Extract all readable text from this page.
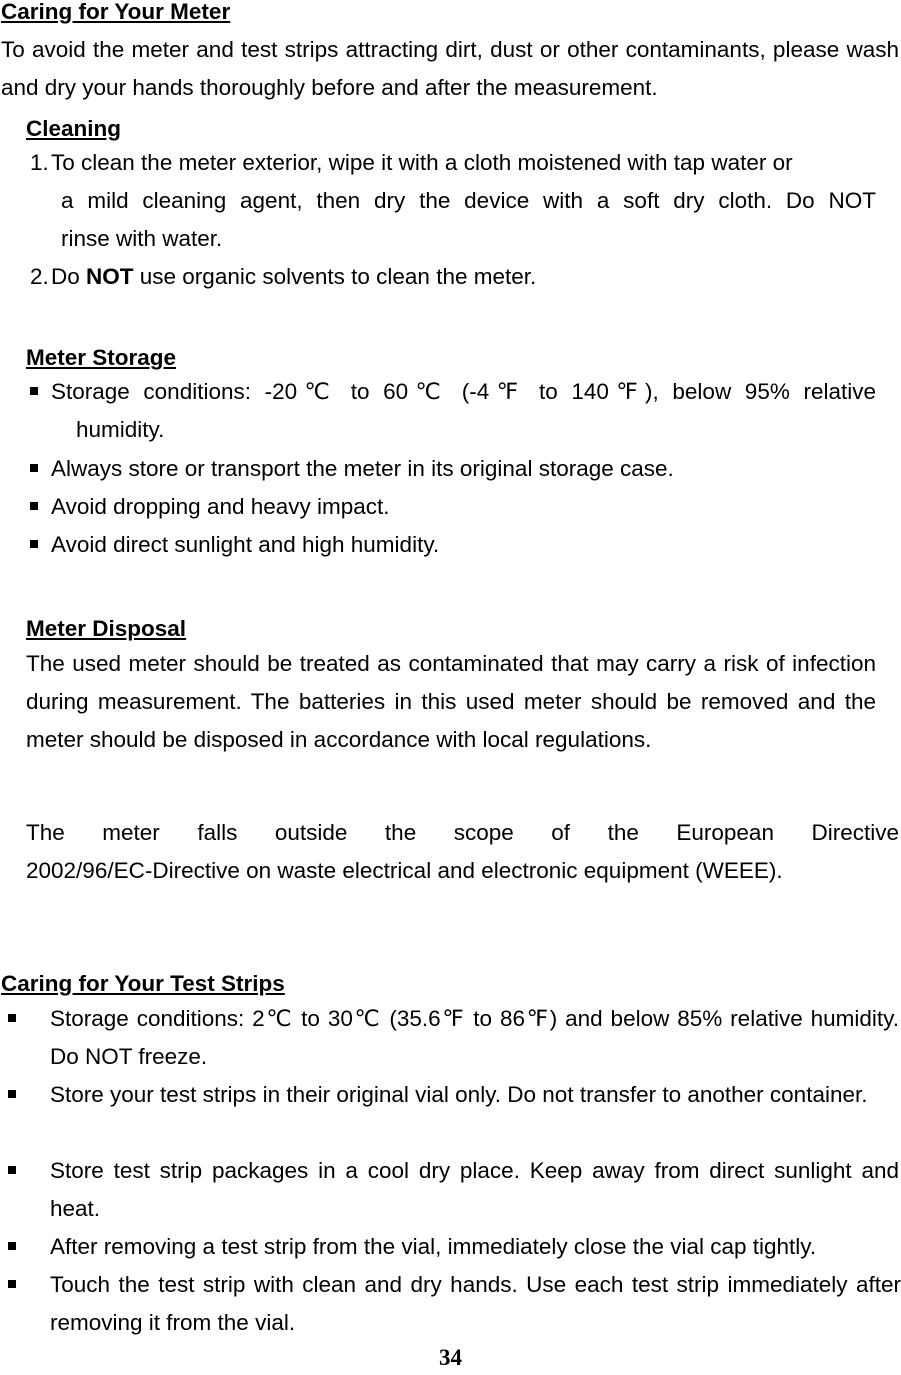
Caring for Your Meter
To avoid the meter and test strips attracting dirt, dust or other contaminants, please wash and dry your hands thoroughly before and after the measurement.
Cleaning
1. To clean the meter exterior, wipe it with a cloth moistened with tap water or
a mild cleaning agent, then dry the device with a soft dry cloth. Do NOT
rinse with water.
2. Do NOT use organic solvents to clean the meter.
Meter Storage
Storage conditions: -20℃ to 60℃ (-4℉ to 140℉), below 95% relative
humidity.
Always store or transport the meter in its original storage case.
Avoid dropping and heavy impact.
Avoid direct sunlight and high humidity.
Meter Disposal
The used meter should be treated as contaminated that may carry a risk of infection during measurement. The batteries in this used meter should be removed and the meter should be disposed in accordance with local regulations.
The meter falls outside the scope of the European Directive
2002/96/EC-Directive on waste electrical and electronic equipment (WEEE).
Caring for Your Test Strips
Storage conditions: 2℃ to 30℃ (35.6℉ to 86℉) and below 85% relative humidity. Do NOT freeze.
Store your test strips in their original vial only. Do not transfer to another container.
Store test strip packages in a cool dry place. Keep away from direct sunlight and heat.
After removing a test strip from the vial, immediately close the vial cap tightly.
Touch the test strip with clean and dry hands. Use each test strip immediately after removing it from the vial.
34
